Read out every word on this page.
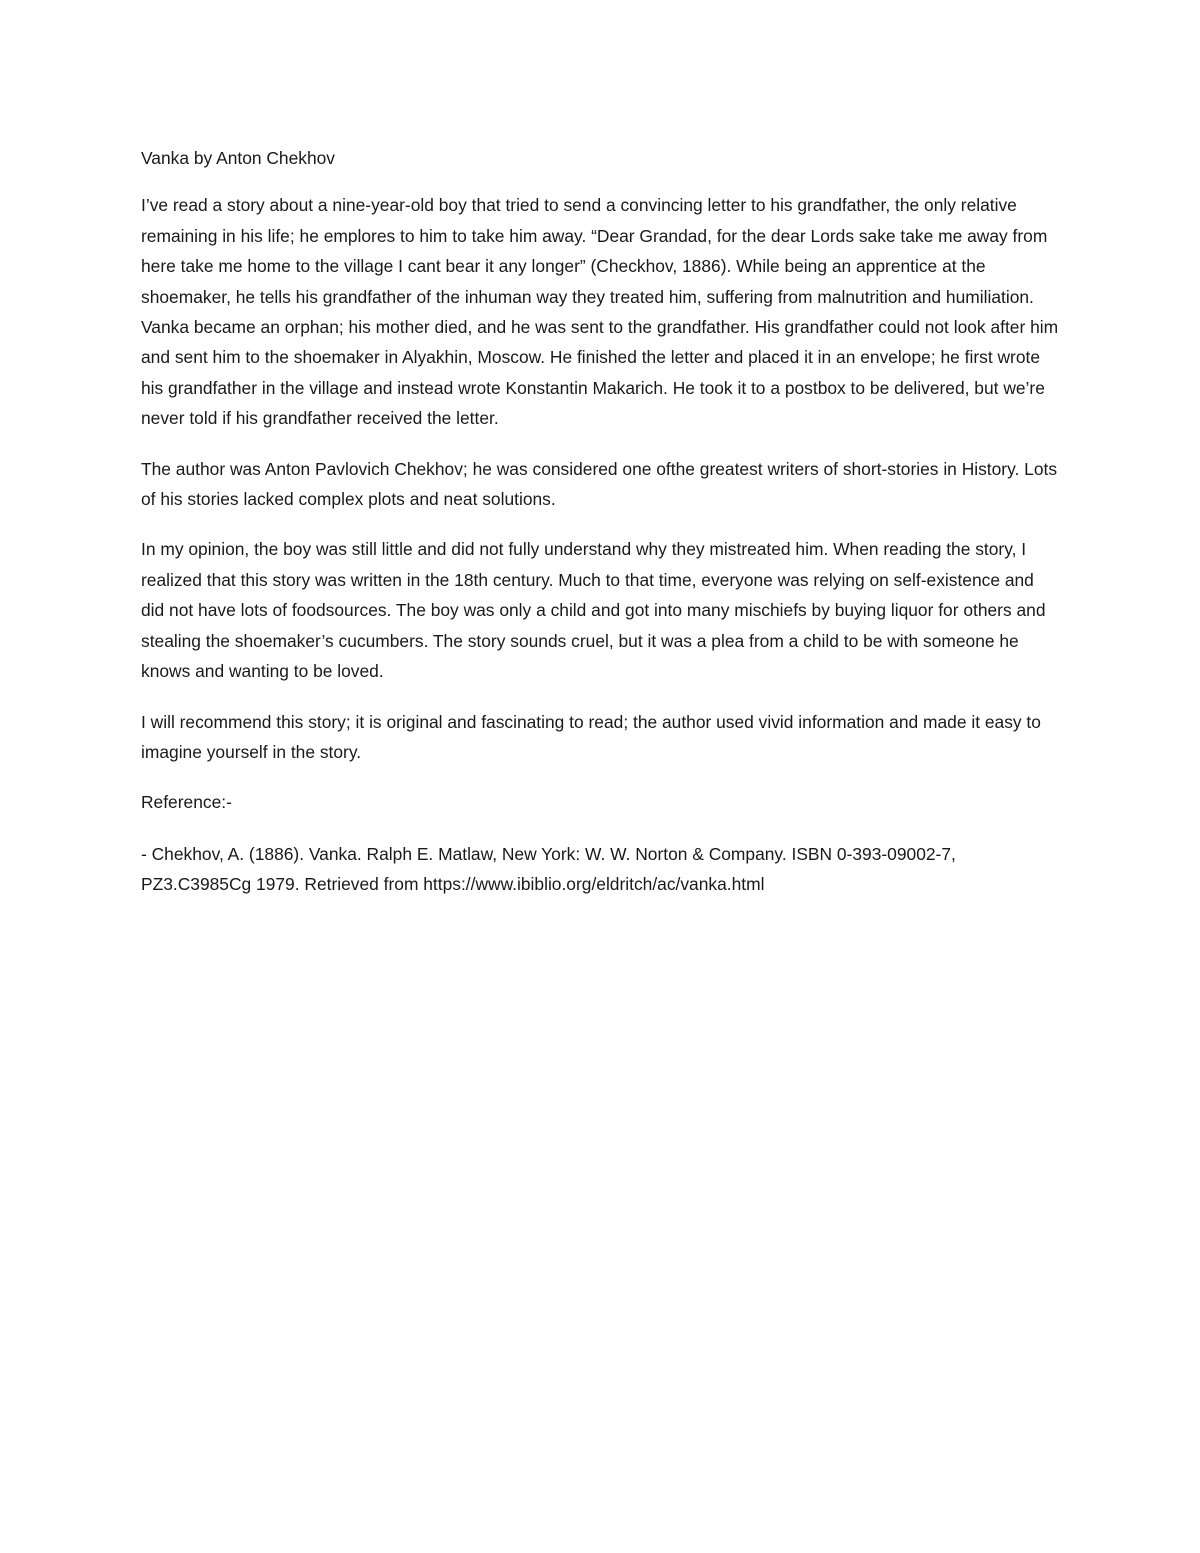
Vanka by Anton Chekhov

I’ve read a story about a nine-year-old boy that tried to send a convincing letter to his grandfather, the only relative remaining in his life; he emplores to him to take him away. “Dear Grandad, for the dear Lords sake take me away from here take me home to the village I cant bear it any longer” (Checkhov, 1886). While being an apprentice at the shoemaker, he tells his grandfather of the inhuman way they treated him, suffering from malnutrition and humiliation. Vanka became an orphan; his mother died, and he was sent to the grandfather. His grandfather could not look after him and sent him to the shoemaker in Alyakhin, Moscow. He finished the letter and placed it in an envelope; he first wrote his grandfather in the village and instead wrote Konstantin Makarich. He took it to a postbox to be delivered, but we’re never told if his grandfather received the letter.

The author was Anton Pavlovich Chekhov; he was considered one ofthe greatest writers of short-stories in History. Lots of his stories lacked complex plots and neat solutions.

In my opinion, the boy was still little and did not fully understand why they mistreated him. When reading the story, I realized that this story was written in the 18th century. Much to that time, everyone was relying on self-existence and did not have lots of foodsources. The boy was only a child and got into many mischiefs by buying liquor for others and stealing the shoemaker’s cucumbers. The story sounds cruel, but it was a plea from a child to be with someone he knows and wanting to be loved.

I will recommend this story; it is original and fascinating to read; the author used vivid information and made it easy to imagine yourself in the story.

Reference:-

- Chekhov, A. (1886). Vanka. Ralph E. Matlaw, New York: W. W. Norton & Company. ISBN 0-393-09002-7, PZ3.C3985Cg 1979. Retrieved from https://www.ibiblio.org/eldritch/ac/vanka.html
